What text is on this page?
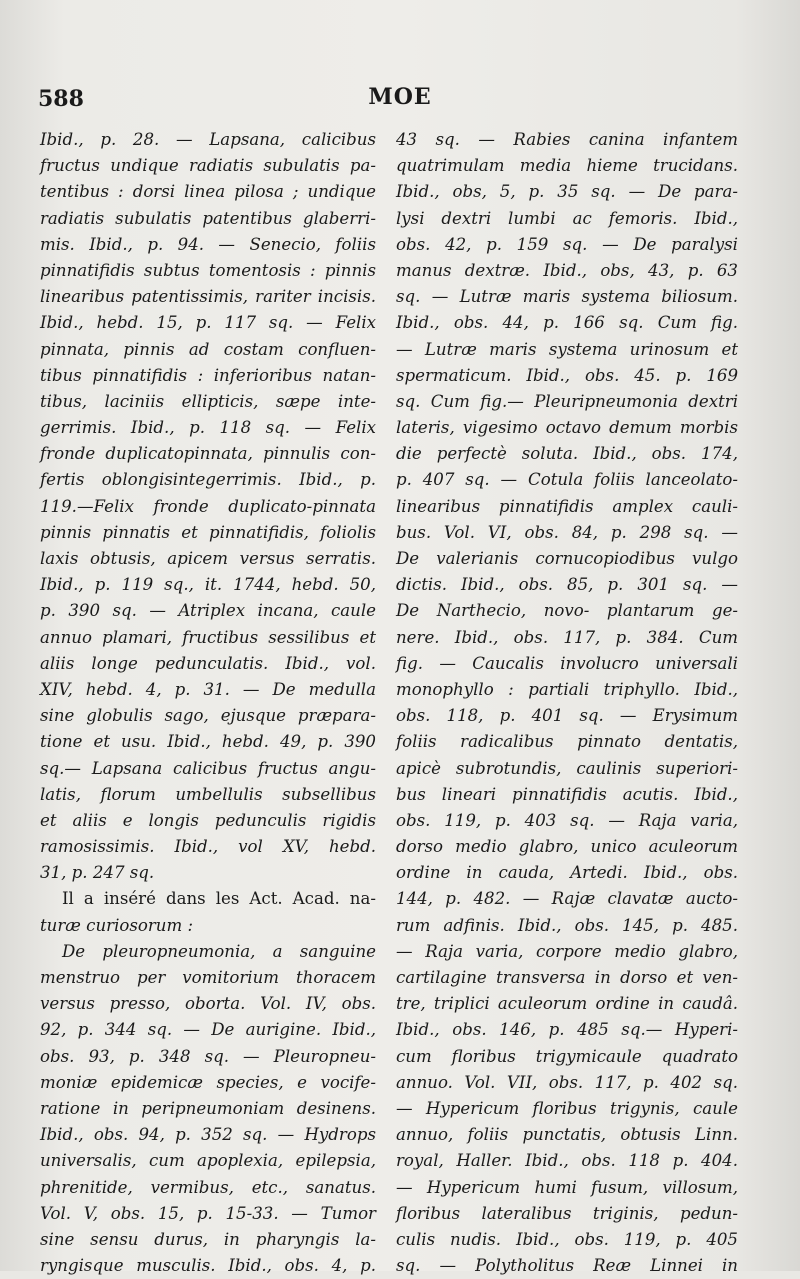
588	MOE
Ibid., p. 28. — Lapsana, calicibus
fructus undique radiatis subulatis pa-
tentibus : dorsi linea pilosa ; undique
radiatis subulatis patentibus glaberri-
mis. Ibid., p. 94. — Senecio, foliis
pinnatifidis subtus tomentosis : pinnis
linearibus patentissimis, rariter incisis.
Ibid., hebd. 15, p. 117 sq. — Felix
pinnata, pinnis ad costam confluen-
tibus pinnatifidis : inferioribus natan-
tibus, laciniis ellipticis, sæpe inte-
gerrimis. Ibid., p. 118 sq. — Felix
fronde duplicatopinnata, pinnulis con-
fertis oblongisintegerrimis. Ibid., p.
119.—Felix fronde duplicato-pinnata
pinnis pinnatis et pinnatifidis, foliolis
laxis obtusis, apicem versus serratis.
Ibid., p. 119 sq., it. 1744, hebd. 50,
p. 390 sq. — Atriplex incana, caule
annuo plamari, fructibus sessilibus et
aliis longe pedunculatis. Ibid., vol.
XIV, hebd. 4, p. 31. — De medulla
sine globulis sago, ejusque præpara-
tione et usu. Ibid., hebd. 49, p. 390
sq.— Lapsana calicibus fructus angu-
latis, florum umbellulis subsellibus
et aliis e longis pedunculis rigidis
ramosissimis. Ibid., vol XV, hebd.
31, p. 247 sq.
Il a inséré dans les Act. Acad. na-
turæ curiosorum :
De pleuropneumonia, a sanguine
menstruo per vomitorium thoracem
versus presso, oborta. Vol. IV, obs.
92, p. 344 sq. — De aurigine. Ibid.,
obs. 93, p. 348 sq. — Pleuropneu-
moniæ epidemicæ species, e vocife-
ratione in peripneumoniam desinens.
Ibid., obs. 94, p. 352 sq. — Hydrops
universalis, cum apoplexia, epilepsia,
phrenitide, vermibus, etc., sanatus.
Vol. V, obs. 15, p. 15-33. — Tumor
sine sensu durus, in pharyngis la-
ryngisque musculis. Ibid., obs. 4, p.
43 sq. — Rabies canina infantem
quatrimulam media hieme trucidans.
Ibid., obs, 5, p. 35 sq. — De para-
lysi dextri lumbi ac femoris. Ibid.,
obs. 42, p. 159 sq. — De paralysi
manus dextræ. Ibid., obs, 43, p. 63
sq. — Lutræ maris systema biliosum.
Ibid., obs. 44, p. 166 sq. Cum fig.
— Lutræ maris systema urinosum et
spermaticum. Ibid., obs. 45. p. 169
sq. Cum fig.— Pleuripneumonia dextri
lateris, vigesimo octavo demum morbis
die perfectè soluta. Ibid., obs. 174,
p. 407 sq. — Cotula foliis lanceolato-
linearibus pinnatifidis amplex cauli-
bus. Vol. VI, obs. 84, p. 298 sq. —
De valerianis cornucopiodibus vulgo
dictis. Ibid., obs. 85, p. 301 sq. —
De Narthecio, novo- plantarum ge-
nere. Ibid., obs. 117, p. 384. Cum
fig. — Caucalis involucro universali
monophyllo : partiali triphyllo. Ibid.,
obs. 118, p. 401 sq. — Erysimum
foliis radicalibus pinnato dentatis,
apicè subrotundis, caulinis superiori-
bus lineari pinnatifidis acutis. Ibid.,
obs. 119, p. 403 sq. — Raja varia,
dorso medio glabro, unico aculeorum
ordine in cauda, Artedi. Ibid., obs.
144, p. 482. — Rajæ clavatæ aucto-
rum adfinis. Ibid., obs. 145, p. 485.
— Raja varia, corpore medio glabro,
cartilagine transversa in dorso et ven-
tre, triplici aculeorum ordine in caudâ.
Ibid., obs. 146, p. 485 sq.— Hyperi-
cum floribus trigymicaule quadrato
annuo. Vol. VII, obs. 117, p. 402 sq.
— Hypericum floribus trigynis, caule
annuo, foliis punctatis, obtusis Linn.
royal, Haller. Ibid., obs. 118 p. 404.
— Hypericum humi fusum, villosum,
floribus lateralibus triginis, pedun-
culis nudis. Ibid., obs. 119, p. 405
sq. — Polytholitus Reæ Linnei in
